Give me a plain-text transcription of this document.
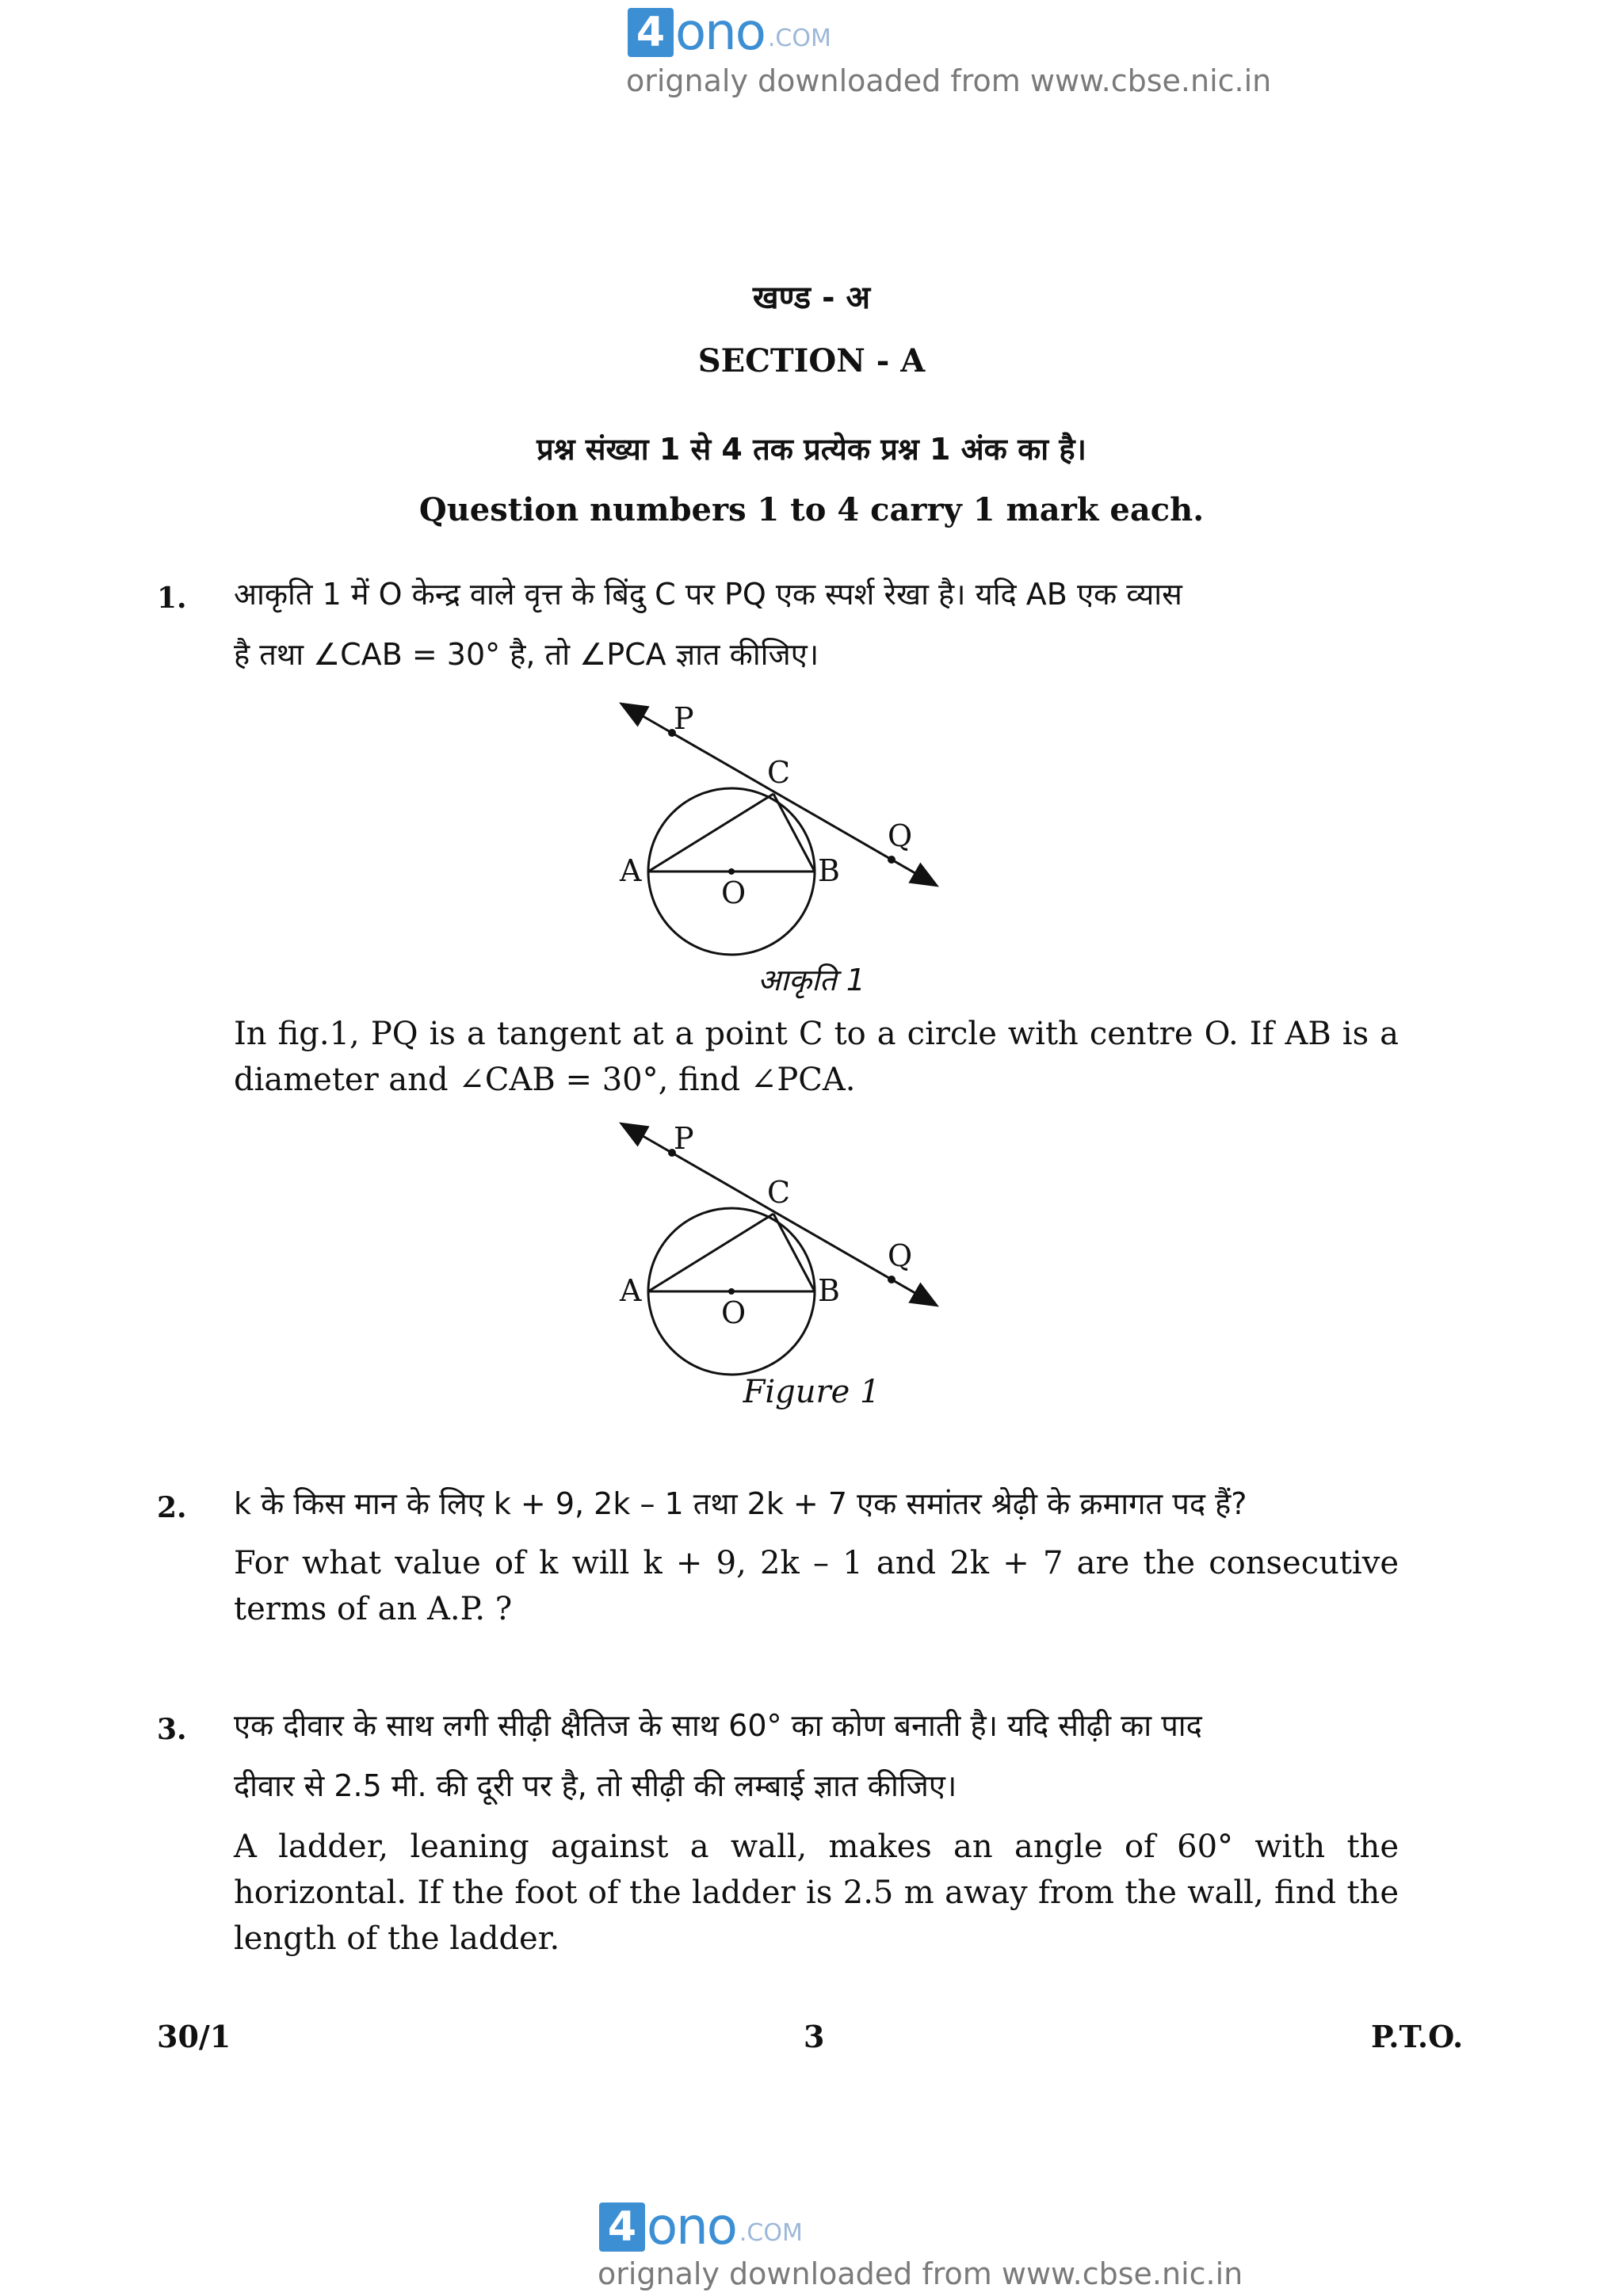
4 ono .COM
orignaly downloaded from www.cbse.nic.in
खण्ड - अ
SECTION - A
प्रश्न संख्या 1 से 4 तक प्रत्येक प्रश्न 1 अंक का है।
Question numbers 1 to 4 carry 1 mark each.
1. आकृति 1 में O केन्द्र वाले वृत्त के बिंदु C पर PQ एक स्पर्श रेखा है। यदि AB एक व्यास
है तथा ∠CAB = 30° है, तो ∠PCA ज्ञात कीजिए।
P
C
Q
A
O
B
आकृति 1
In fig.1, PQ is a tangent at a point C to a circle with centre O. If AB is a diameter and ∠CAB = 30°, find ∠PCA.
P
C
Q
A
O
B
Figure 1
2. k के किस मान के लिए k + 9, 2k – 1 तथा 2k + 7 एक समांतर श्रेढ़ी के क्रमागत पद हैं?
For what value of k will k + 9, 2k – 1 and 2k + 7 are the consecutive terms of an A.P. ?
3. एक दीवार के साथ लगी सीढ़ी क्षैतिज के साथ 60° का कोण बनाती है। यदि सीढ़ी का पाद
दीवार से 2.5 मी. की दूरी पर है, तो सीढ़ी की लम्बाई ज्ञात कीजिए।
A ladder, leaning against a wall, makes an angle of 60° with the horizontal. If the foot of the ladder is 2.5 m away from the wall, find the length of the ladder.
30/1	3	P.T.O.
4 ono .COM
orignaly downloaded from www.cbse.nic.in
